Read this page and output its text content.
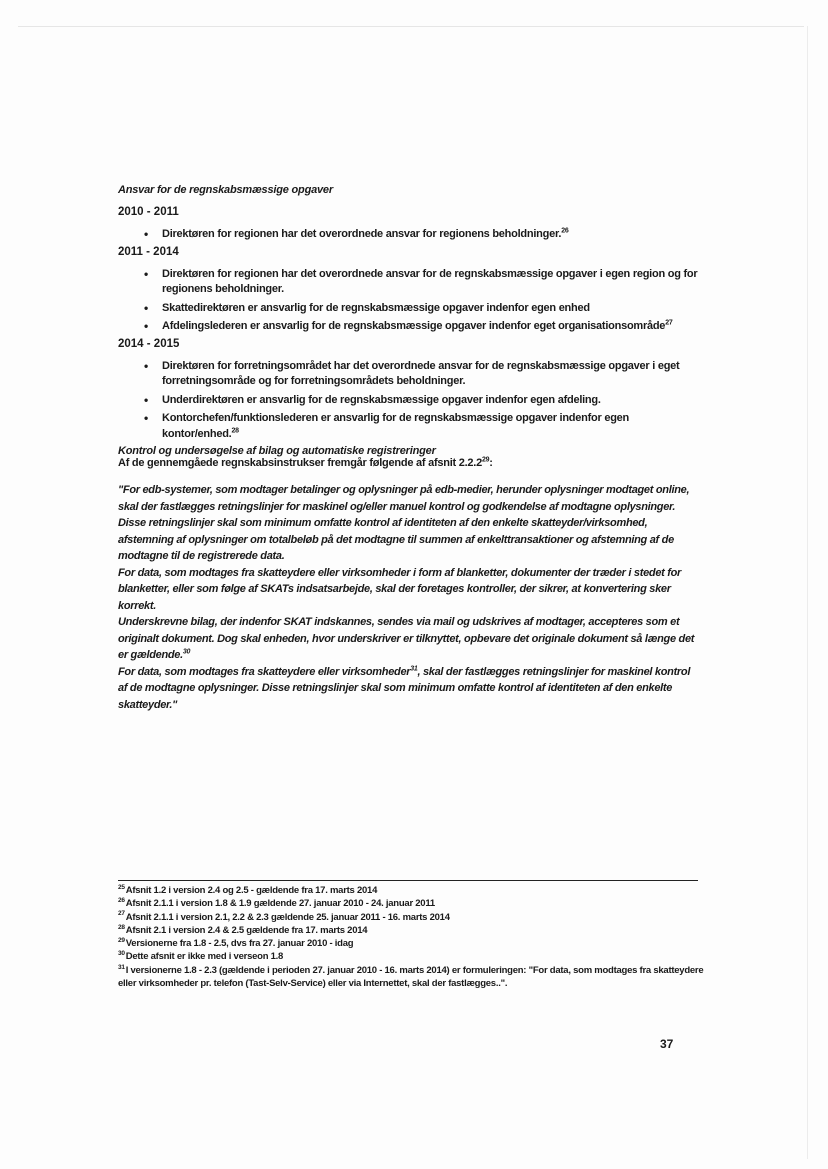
Ansvar for de regnskabsmæssige opgaver

2010 - 2011

• Direktøren for regionen har det overordnede ansvar for regionens beholdninger.$^{26}$

2011 - 2014

• Direktøren for regionen har det overordnede ansvar for de regnskabsmæssige opgaver i egen region og for regionens beholdninger.
• Skattedirektøren er ansvarlig for de regnskabsmæssige opgaver indenfor egen enhed
• Afdelingslederen er ansvarlig for de regnskabsmæssige opgaver indenfor eget organisationsområde$^{27}$

2014 - 2015

• Direktøren for forretningsområdet har det overordnede ansvar for de regnskabsmæssige opgaver i eget forretningsområde og for forretningsområdets beholdninger.
• Underdirektøren er ansvarlig for de regnskabsmæssige opgaver indenfor egen afdeling.
• Kontorchefen/funktionslederen er ansvarlig for de regnskabsmæssige opgaver indenfor egen kontor/enhed.$^{28}$

Kontrol og undersøgelse af bilag og automatiske registreringer

Af de gennemgåede regnskabsinstrukser fremgår følgende af afsnit 2.2.2$^{29}$:

"For edb-systemer, som modtager betalinger og oplysninger på edb-medier, herunder oplysninger modtaget online, skal der fastlægges retningslinjer for maskinel og/eller manuel kontrol og godkendelse af modtagne oplysninger. Disse retningslinjer skal som minimum omfatte kontrol af identiteten af den enkelte skatteyder/virksomhed, afstemning af oplysninger om totalbeløb på det modtagne til summen af enkelttransaktioner og afstemning af de modtagne til de registrerede data.

For data, som modtages fra skatteydere eller virksomheder i form af blanketter, dokumenter der træder i stedet for blanketter, eller som følge af SKATs indsatsarbejde, skal der foretages kontroller, der sikrer, at konvertering sker korrekt.

Underskrevne bilag, der indenfor SKAT indskannes, sendes via mail og udskrives af modtager, accepteres som et originalt dokument. Dog skal enheden, hvor underskriver er tilknyttet, opbevare det originale dokument så længe det er gældende.$^{30}$

For data, som modtages fra skatteydere eller virksomheder$^{31}$, skal der fastlægges retningslinjer for maskinel kontrol af de modtagne oplysninger. Disse retningslinjer skal som minimum omfatte kontrol af identiteten af den enkelte skatteyder."

$^{25}$Afsnit 1.2 i version 2.4 og 2.5 - gældende fra 17. marts 2014
$^{26}$Afsnit 2.1.1 i version 1.8 & 1.9 gældende 27. januar 2010 - 24. januar 2011
$^{27}$Afsnit 2.1.1 i version 2.1, 2.2 & 2.3 gældende 25. januar 2011 - 16. marts 2014
$^{28}$Afsnit 2.1 i version 2.4 & 2.5 gældende fra 17. marts 2014
$^{29}$Versionerne fra 1.8 - 2.5, dvs fra 27. januar 2010 - idag
$^{30}$Dette afsnit er ikke med i verseon 1.8
$^{31}$I versionerne 1.8 - 2.3 (gældende i perioden 27. januar 2010 - 16. marts 2014) er formuleringen: "For data, som modtages fra skatteydere eller virksomheder pr. telefon (Tast-Selv-Service) eller via Internettet, skal der fastlægges..".
37
